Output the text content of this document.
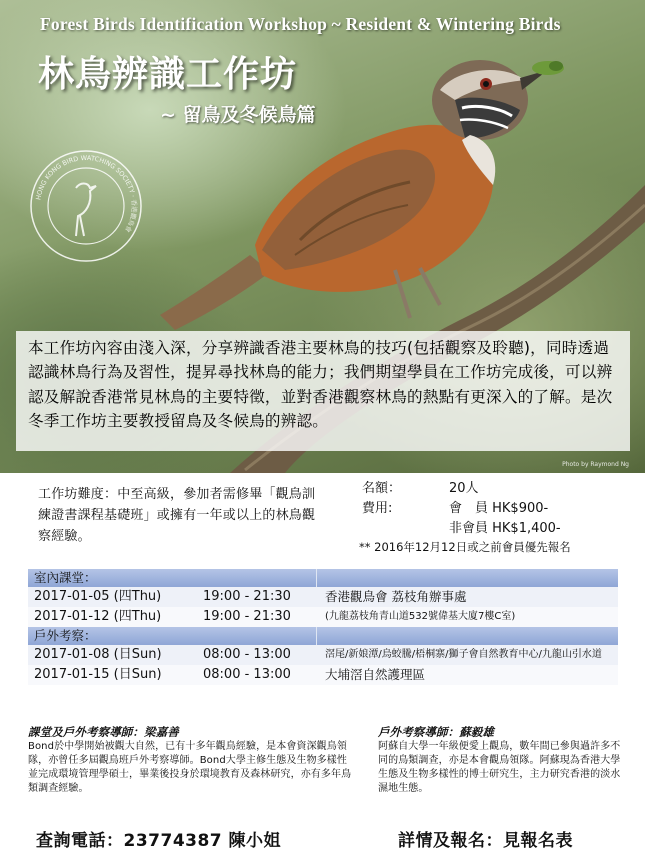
Forest Birds Identification Workshop ~ Resident & Wintering Birds
林鳥辨識工作坊
~ 留鳥及冬候鳥篇
HONG KONG BIRD WATCHING SOCIETY · 香港觀鳥會
Photo by Raymond Ng
本工作坊內容由淺入深，分享辨識香港主要林鳥的技巧(包括觀察及聆聽)，同時透過認識林鳥行為及習性，提昇尋找林鳥的能力；我們期望學員在工作坊完成後，可以辨認及解說香港常見林鳥的主要特徵，並對香港觀察林鳥的熱點有更深入的了解。是次冬季工作坊主要教授留鳥及冬候鳥的辨認。
工作坊難度：中至高級，參加者需修畢「觀鳥訓練證書課程基礎班」或擁有一年或以上的林鳥觀察經驗。
名額：	20人
費用:	會　員 HK$900-
非會員 HK$1,400-
** 2016年12月12日或之前會員優先報名
室內課堂：
2017-01-05 (四Thu)	19:00 - 21:30	香港觀鳥會 荔枝角辦事處
2017-01-12 (四Thu)	19:00 - 21:30	(九龍荔枝角青山道532號偉基大廈7樓C室)
戶外考察：
2017-01-08 (日Sun)	08:00 - 13:00	滘尾/新娘潭/烏蛟騰/梧桐寨/獅子會自然教育中心/九龍山引水道
2017-01-15 (日Sun)	08:00 - 13:00	大埔滘自然護理區
課堂及戶外考察導師：梁嘉善
Bond於中學開始被觀大自然，已有十多年觀鳥經驗，是本會資深觀鳥領隊，亦曾任多屆觀鳥班戶外考察導師。Bond大學主修生態及生物多樣性並完成環境管理學碩士，畢業後投身於環境教育及森林研究，亦有多年鳥類調查經驗。
戶外考察導師：蘇毅雄
阿蘇自大學一年級便愛上觀鳥，數年間已參與過許多不同的鳥類調查，亦是本會觀鳥領隊。阿蘇現為香港大學生態及生物多樣性的博士研究生，主力研究香港的淡水濕地生態。
查詢電話：23774387 陳小姐	詳情及報名：見報名表
